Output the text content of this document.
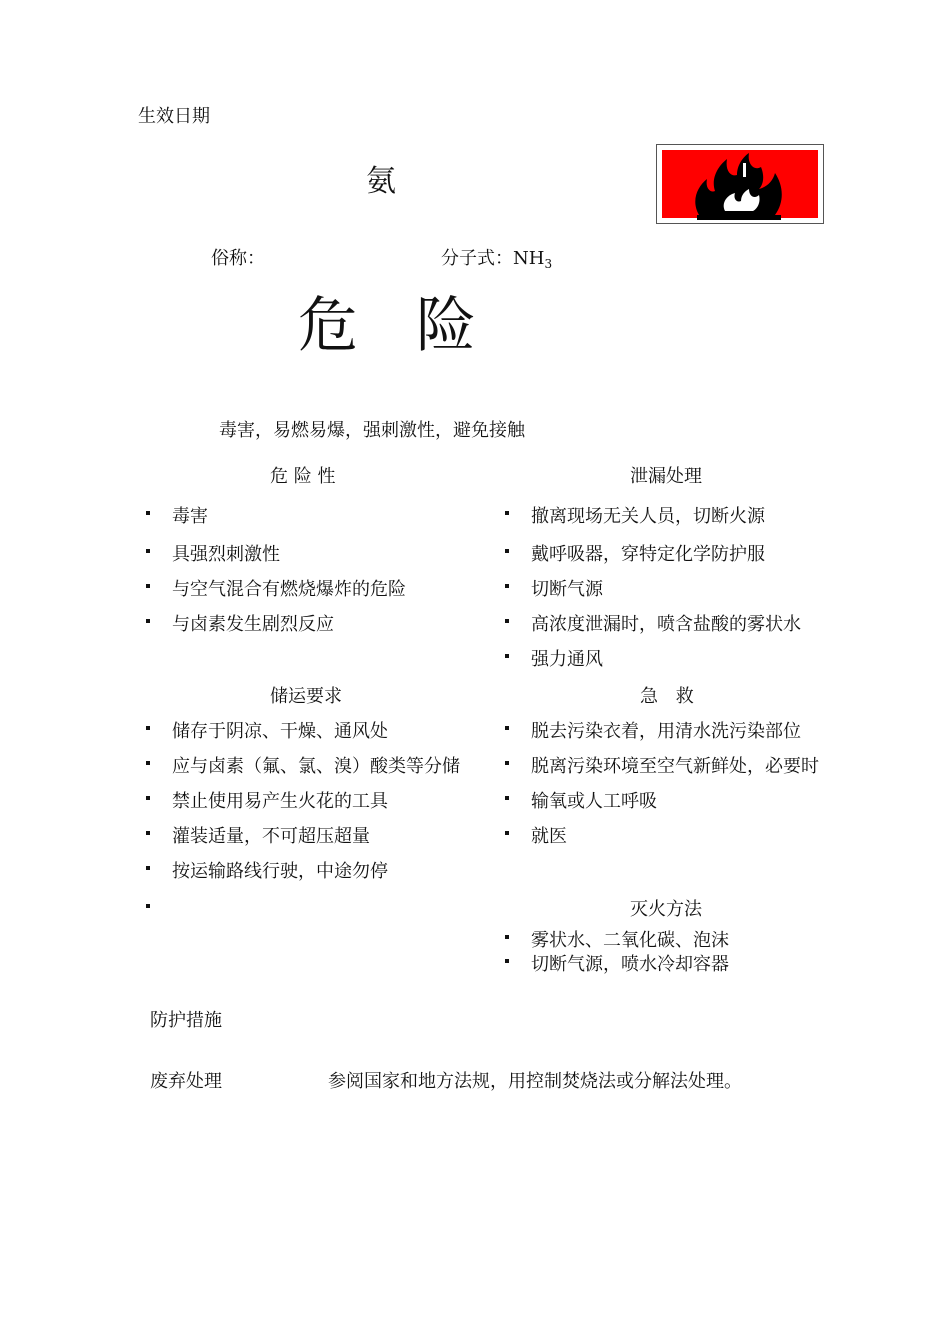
生效日期
氨
俗称：	分子式：$NH_3$
危险
毒害，易燃易爆，强刺激性，避免接触
危 险 性
毒害
具强烈刺激性
与空气混合有燃烧爆炸的危险
与卤素发生剧烈反应
泄漏处理
撤离现场无关人员，切断火源
戴呼吸器，穿特定化学防护服
切断气源
高浓度泄漏时，喷含盐酸的雾状水
强力通风
储运要求
储存于阴凉、干燥、通风处
应与卤素（氟、氯、溴）酸类等分储
禁止使用易产生火花的工具
灌装适量，不可超压超量
按运输路线行驶，中途勿停
急 救
脱去污染衣着，用清水洗污染部位
脱离污染环境至空气新鲜处，必要时
输氧或人工呼吸
就医
灭火方法
雾状水、二氧化碳、泡沫
切断气源，喷水冷却容器
防护措施
废弃处理	参阅国家和地方法规，用控制焚烧法或分解法处理。
